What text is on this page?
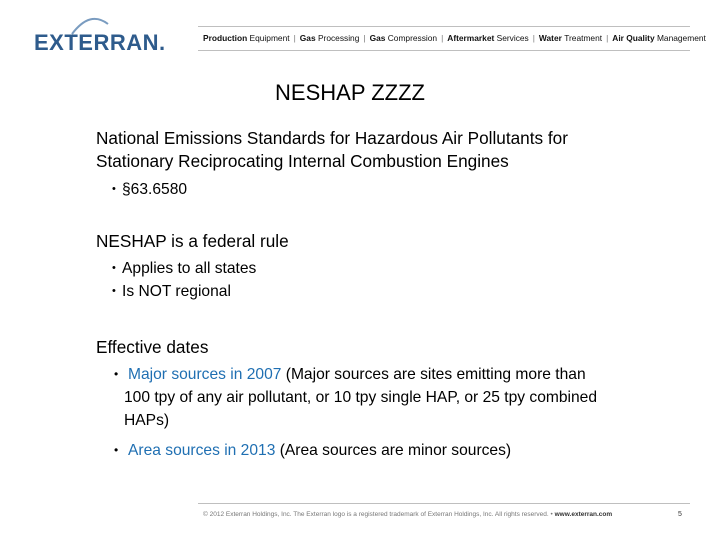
EXTERRAN.	Production Equipment | Gas Processing | Gas Compression | Aftermarket Services | Water Treatment | Air Quality Management
NESHAP ZZZZ
National Emissions Standards for Hazardous Air Pollutants for
Stationary Reciprocating Internal Combustion Engines
• §63.6580
NESHAP is a federal rule
• Applies to all states
• Is NOT regional
Effective dates
• Major sources in 2007 (Major sources are sites emitting more than
100 tpy of any air pollutant, or 10 tpy single HAP, or 25 tpy combined
HAPs)
• Area sources in 2013 (Area sources are minor sources)
© 2012 Exterran Holdings, Inc. The Exterran logo is a registered trademark of Exterran Holdings, Inc. All rights reserved. • www.exterran.com	5
